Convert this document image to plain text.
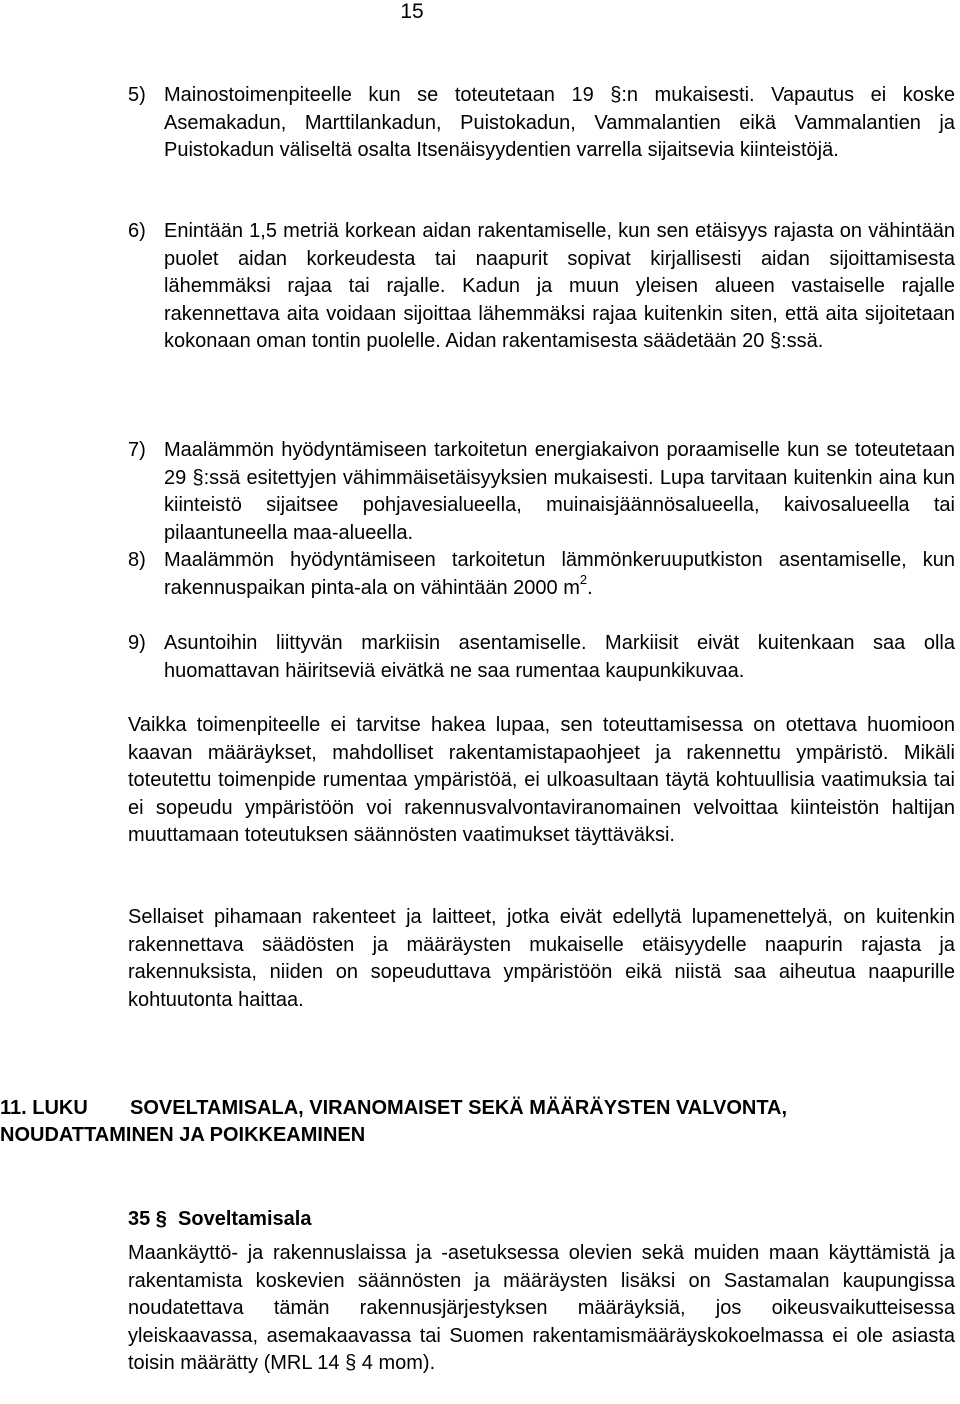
15
5) Mainostoimenpiteelle kun se toteutetaan 19 §:n mukaisesti. Vapautus ei koske Asemakadun, Marttilankadun, Puistokadun, Vammalantien eikä Vammalantien ja Puistokadun väliseltä osalta Itsenäisyydentien varrella sijaitsevia kiinteistöjä.
6) Enintään 1,5 metriä korkean aidan rakentamiselle, kun sen etäisyys rajasta on vähintään puolet aidan korkeudesta tai naapurit sopivat kirjallisesti aidan sijoittamisesta lähemmäksi rajaa tai rajalle. Kadun ja muun yleisen alueen vastaiselle rajalle rakennettava aita voidaan sijoittaa lähemmäksi rajaa kuitenkin siten, että aita sijoitetaan kokonaan oman tontin puolelle. Aidan rakentamisesta säädetään 20 §:ssä.
7) Maalämmön hyödyntämiseen tarkoitetun energiakaivon poraamiselle kun se toteutetaan 29 §:ssä esitettyjen vähimmäisetäisyyksien mukaisesti. Lupa tarvitaan kuitenkin aina kun kiinteistö sijaitsee pohjavesialueella, muinaisjäännösalueella, kaivosalueella tai pilaantuneella maa-alueella.
8) Maalämmön hyödyntämiseen tarkoitetun lämmönkeruuputkiston asentamiselle, kun rakennuspaikan pinta-ala on vähintään 2000 $m^2$.
9) Asuntoihin liittyvän markiisin asentamiselle. Markiisit eivät kuitenkaan saa olla huomattavan häiritseviä eivätkä ne saa rumentaa kaupunkikuvaa.
Vaikka toimenpiteelle ei tarvitse hakea lupaa, sen toteuttamisessa on otettava huomioon kaavan määräykset, mahdolliset rakentamistapaohjeet ja rakennettu ympäristö. Mikäli toteutettu toimenpide rumentaa ympäristöä, ei ulkoasultaan täytä kohtuullisia vaatimuksia tai ei sopeudu ympäristöön voi rakennusvalvontaviranomainen velvoittaa kiinteistön haltijan muuttamaan toteutuksen säännösten vaatimukset täyttäväksi.
Sellaiset pihamaan rakenteet ja laitteet, jotka eivät edellytä lupamenettelyä, on kuitenkin rakennettava säädösten ja määräysten mukaiselle etäisyydelle naapurin rajasta ja rakennuksista, niiden on sopeuduttava ympäristöön eikä niistä saa aiheutua naapurille kohtuutonta haittaa.
11. LUKU	SOVELTAMISALA, VIRANOMAISET SEKÄ MÄÄRÄYSTEN VALVONTA,
NOUDATTAMINEN JA POIKKEAMINEN
35 §  Soveltamisala
Maankäyttö- ja rakennuslaissa ja -asetuksessa olevien sekä muiden maan käyttämistä ja rakentamista koskevien säännösten ja määräysten lisäksi on Sastamalan kaupungissa noudatettava tämän rakennusjärjestyksen määräyksiä, jos oikeusvaikutteisessa yleiskaavassa, asemakaavassa tai Suomen rakentamismääräyskokoelmassa ei ole asiasta toisin määrätty (MRL 14 § 4 mom).
